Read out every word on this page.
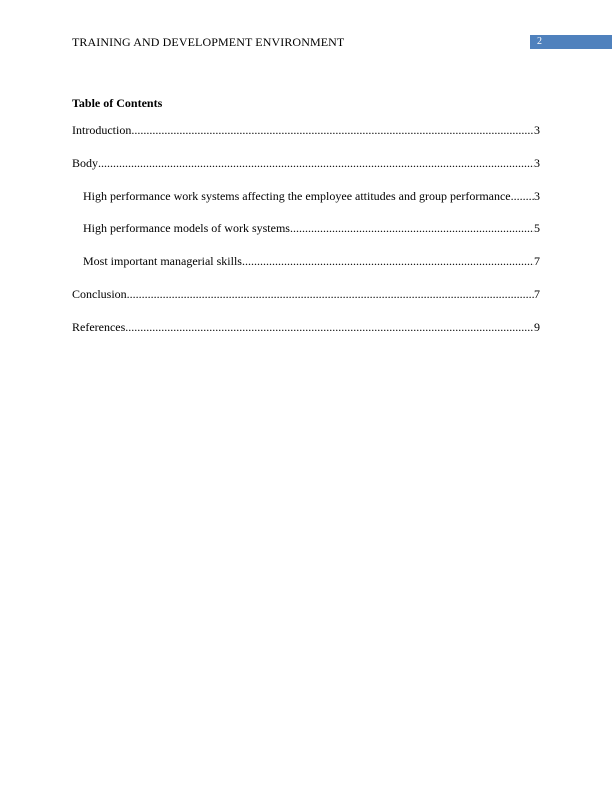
TRAINING AND DEVELOPMENT ENVIRONMENT	2
Table of Contents
Introduction .....	3
Body .....	3
High performance work systems affecting the employee attitudes and group performance ..... 3
High performance models of work systems .....	5
Most important managerial skills .....	7
Conclusion .....	7
References .....	9
